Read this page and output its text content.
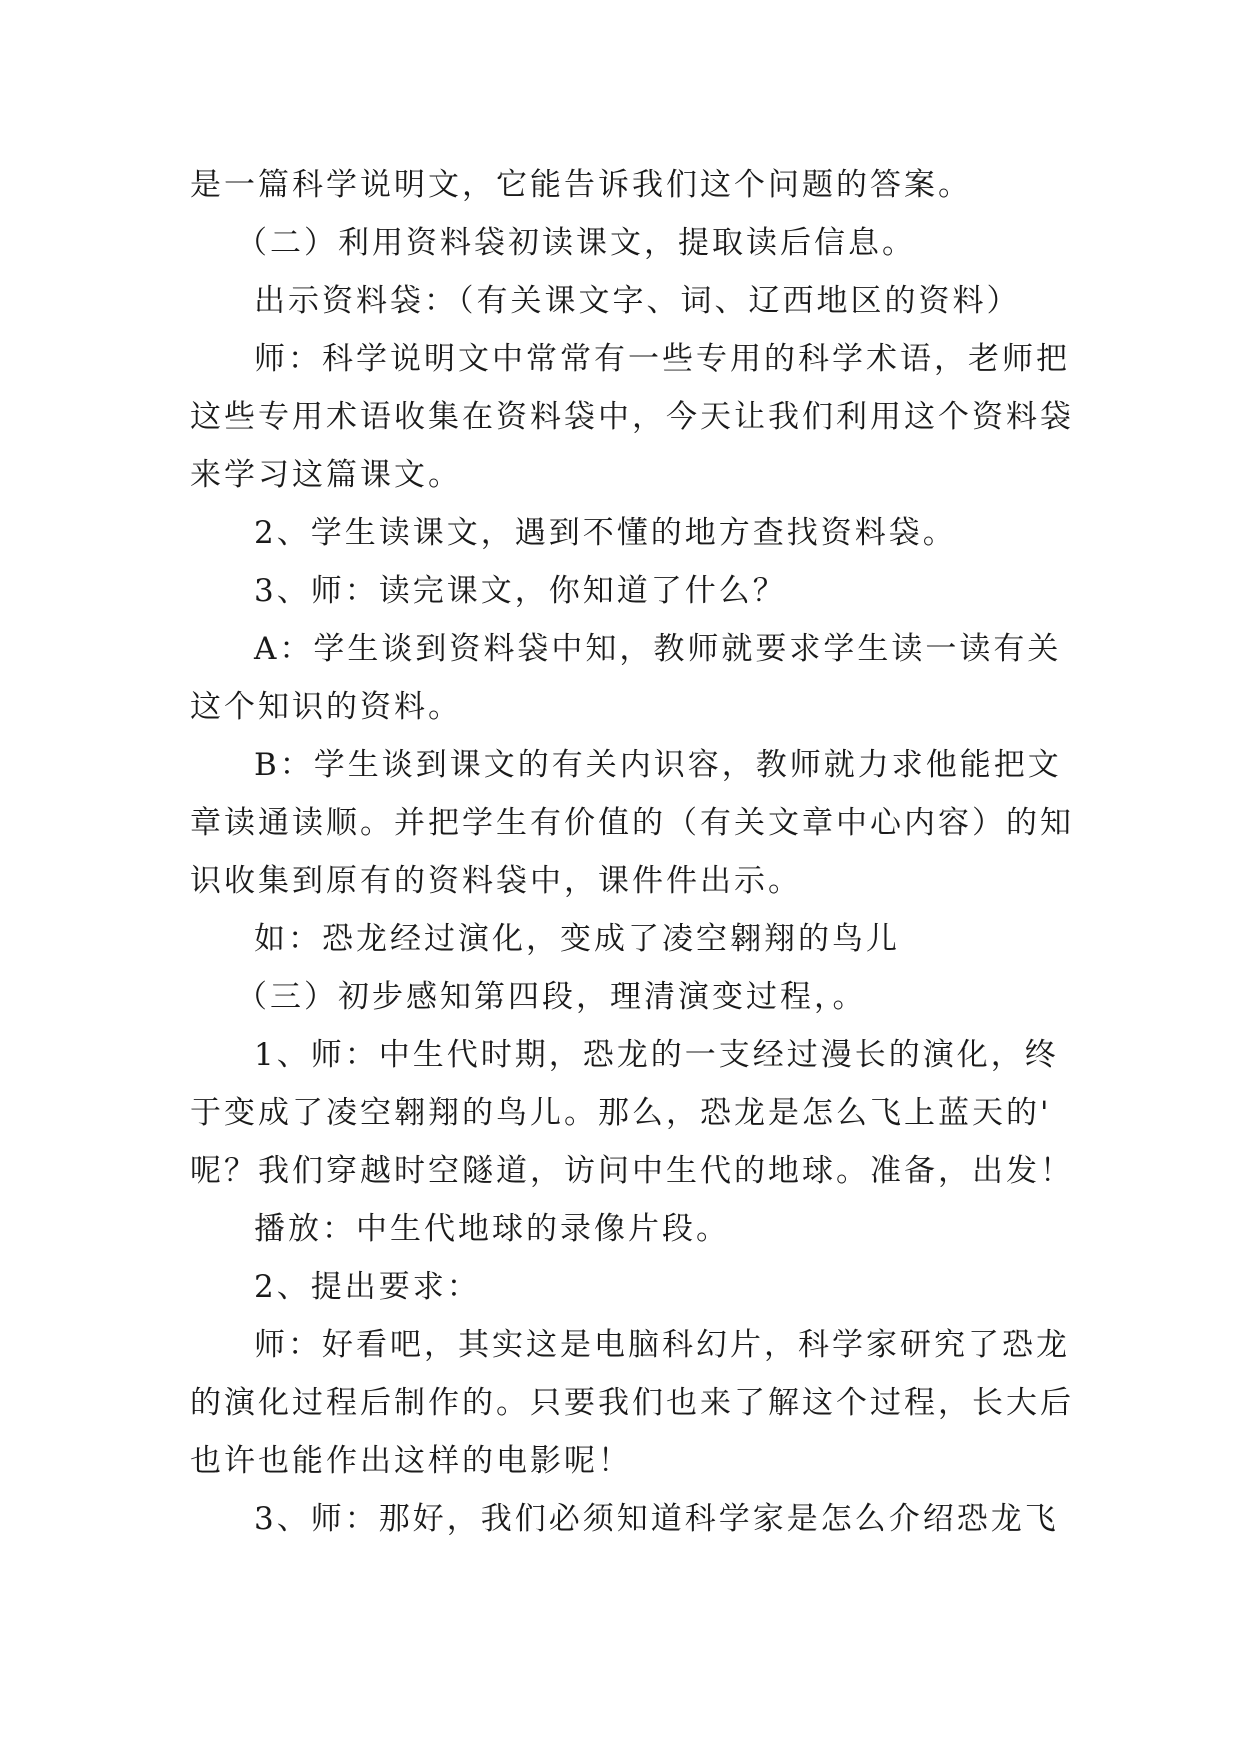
是一篇科学说明文，它能告诉我们这个问题的答案。
（二）利用资料袋初读课文，提取读后信息。
出示资料袋：（有关课文字、词、辽西地区的资料）
师：科学说明文中常常有一些专用的科学术语，老师把
这些专用术语收集在资料袋中，今天让我们利用这个资料袋
来学习这篇课文。
2、学生读课文，遇到不懂的地方查找资料袋。
3、师：读完课文，你知道了什么？
A：学生谈到资料袋中知，教师就要求学生读一读有关
这个知识的资料。
B：学生谈到课文的有关内识容，教师就力求他能把文
章读通读顺。并把学生有价值的（有关文章中心内容）的知
识收集到原有的资料袋中，课件件出示。
如：恐龙经过演化，变成了凌空翱翔的鸟儿
（三）初步感知第四段，理清演变过程，。
1、师：中生代时期，恐龙的一支经过漫长的演化，终
于变成了凌空翱翔的鸟儿。那么，恐龙是怎么飞上蓝天的'
呢？我们穿越时空隧道，访问中生代的地球。准备，出发！
播放：中生代地球的录像片段。
2、提出要求：
师：好看吧，其实这是电脑科幻片，科学家研究了恐龙
的演化过程后制作的。只要我们也来了解这个过程，长大后
也许也能作出这样的电影呢！
3、师：那好，我们必须知道科学家是怎么介绍恐龙飞
